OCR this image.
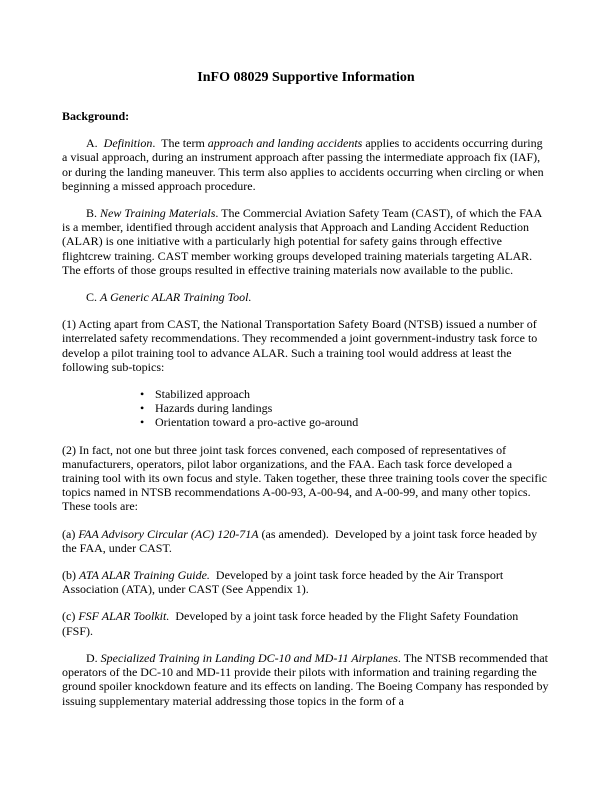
InFO 08029 Supportive Information
Background:

A.  Definition.  The term approach and landing accidents applies to accidents occurring during a visual approach, during an instrument approach after passing the intermediate approach fix (IAF), or during the landing maneuver. This term also applies to accidents occurring when circling or when beginning a missed approach procedure.

B. New Training Materials. The Commercial Aviation Safety Team (CAST), of which the FAA is a member, identified through accident analysis that Approach and Landing Accident Reduction (ALAR) is one initiative with a particularly high potential for safety gains through effective flightcrew training. CAST member working groups developed training materials targeting ALAR. The efforts of those groups resulted in effective training materials now available to the public.

C. A Generic ALAR Training Tool.

(1) Acting apart from CAST, the National Transportation Safety Board (NTSB) issued a number of interrelated safety recommendations. They recommended a joint government-industry task force to develop a pilot training tool to advance ALAR. Such a training tool would address at least the following sub-topics:

• Stabilized approach
• Hazards during landings
• Orientation toward a pro-active go-around

(2) In fact, not one but three joint task forces convened, each composed of representatives of manufacturers, operators, pilot labor organizations, and the FAA. Each task force developed a training tool with its own focus and style. Taken together, these three training tools cover the specific topics named in NTSB recommendations A-00-93, A-00-94, and A-00-99, and many other topics. These tools are:

(a) FAA Advisory Circular (AC) 120-71A (as amended).  Developed by a joint task force headed by the FAA, under CAST.

(b) ATA ALAR Training Guide.  Developed by a joint task force headed by the Air Transport Association (ATA), under CAST (See Appendix 1).

(c) FSF ALAR Toolkit.  Developed by a joint task force headed by the Flight Safety Foundation (FSF).

D. Specialized Training in Landing DC-10 and MD-11 Airplanes. The NTSB recommended that operators of the DC-10 and MD-11 provide their pilots with information and training regarding the ground spoiler knockdown feature and its effects on landing. The Boeing Company has responded by issuing supplementary material addressing those topics in the form of a
